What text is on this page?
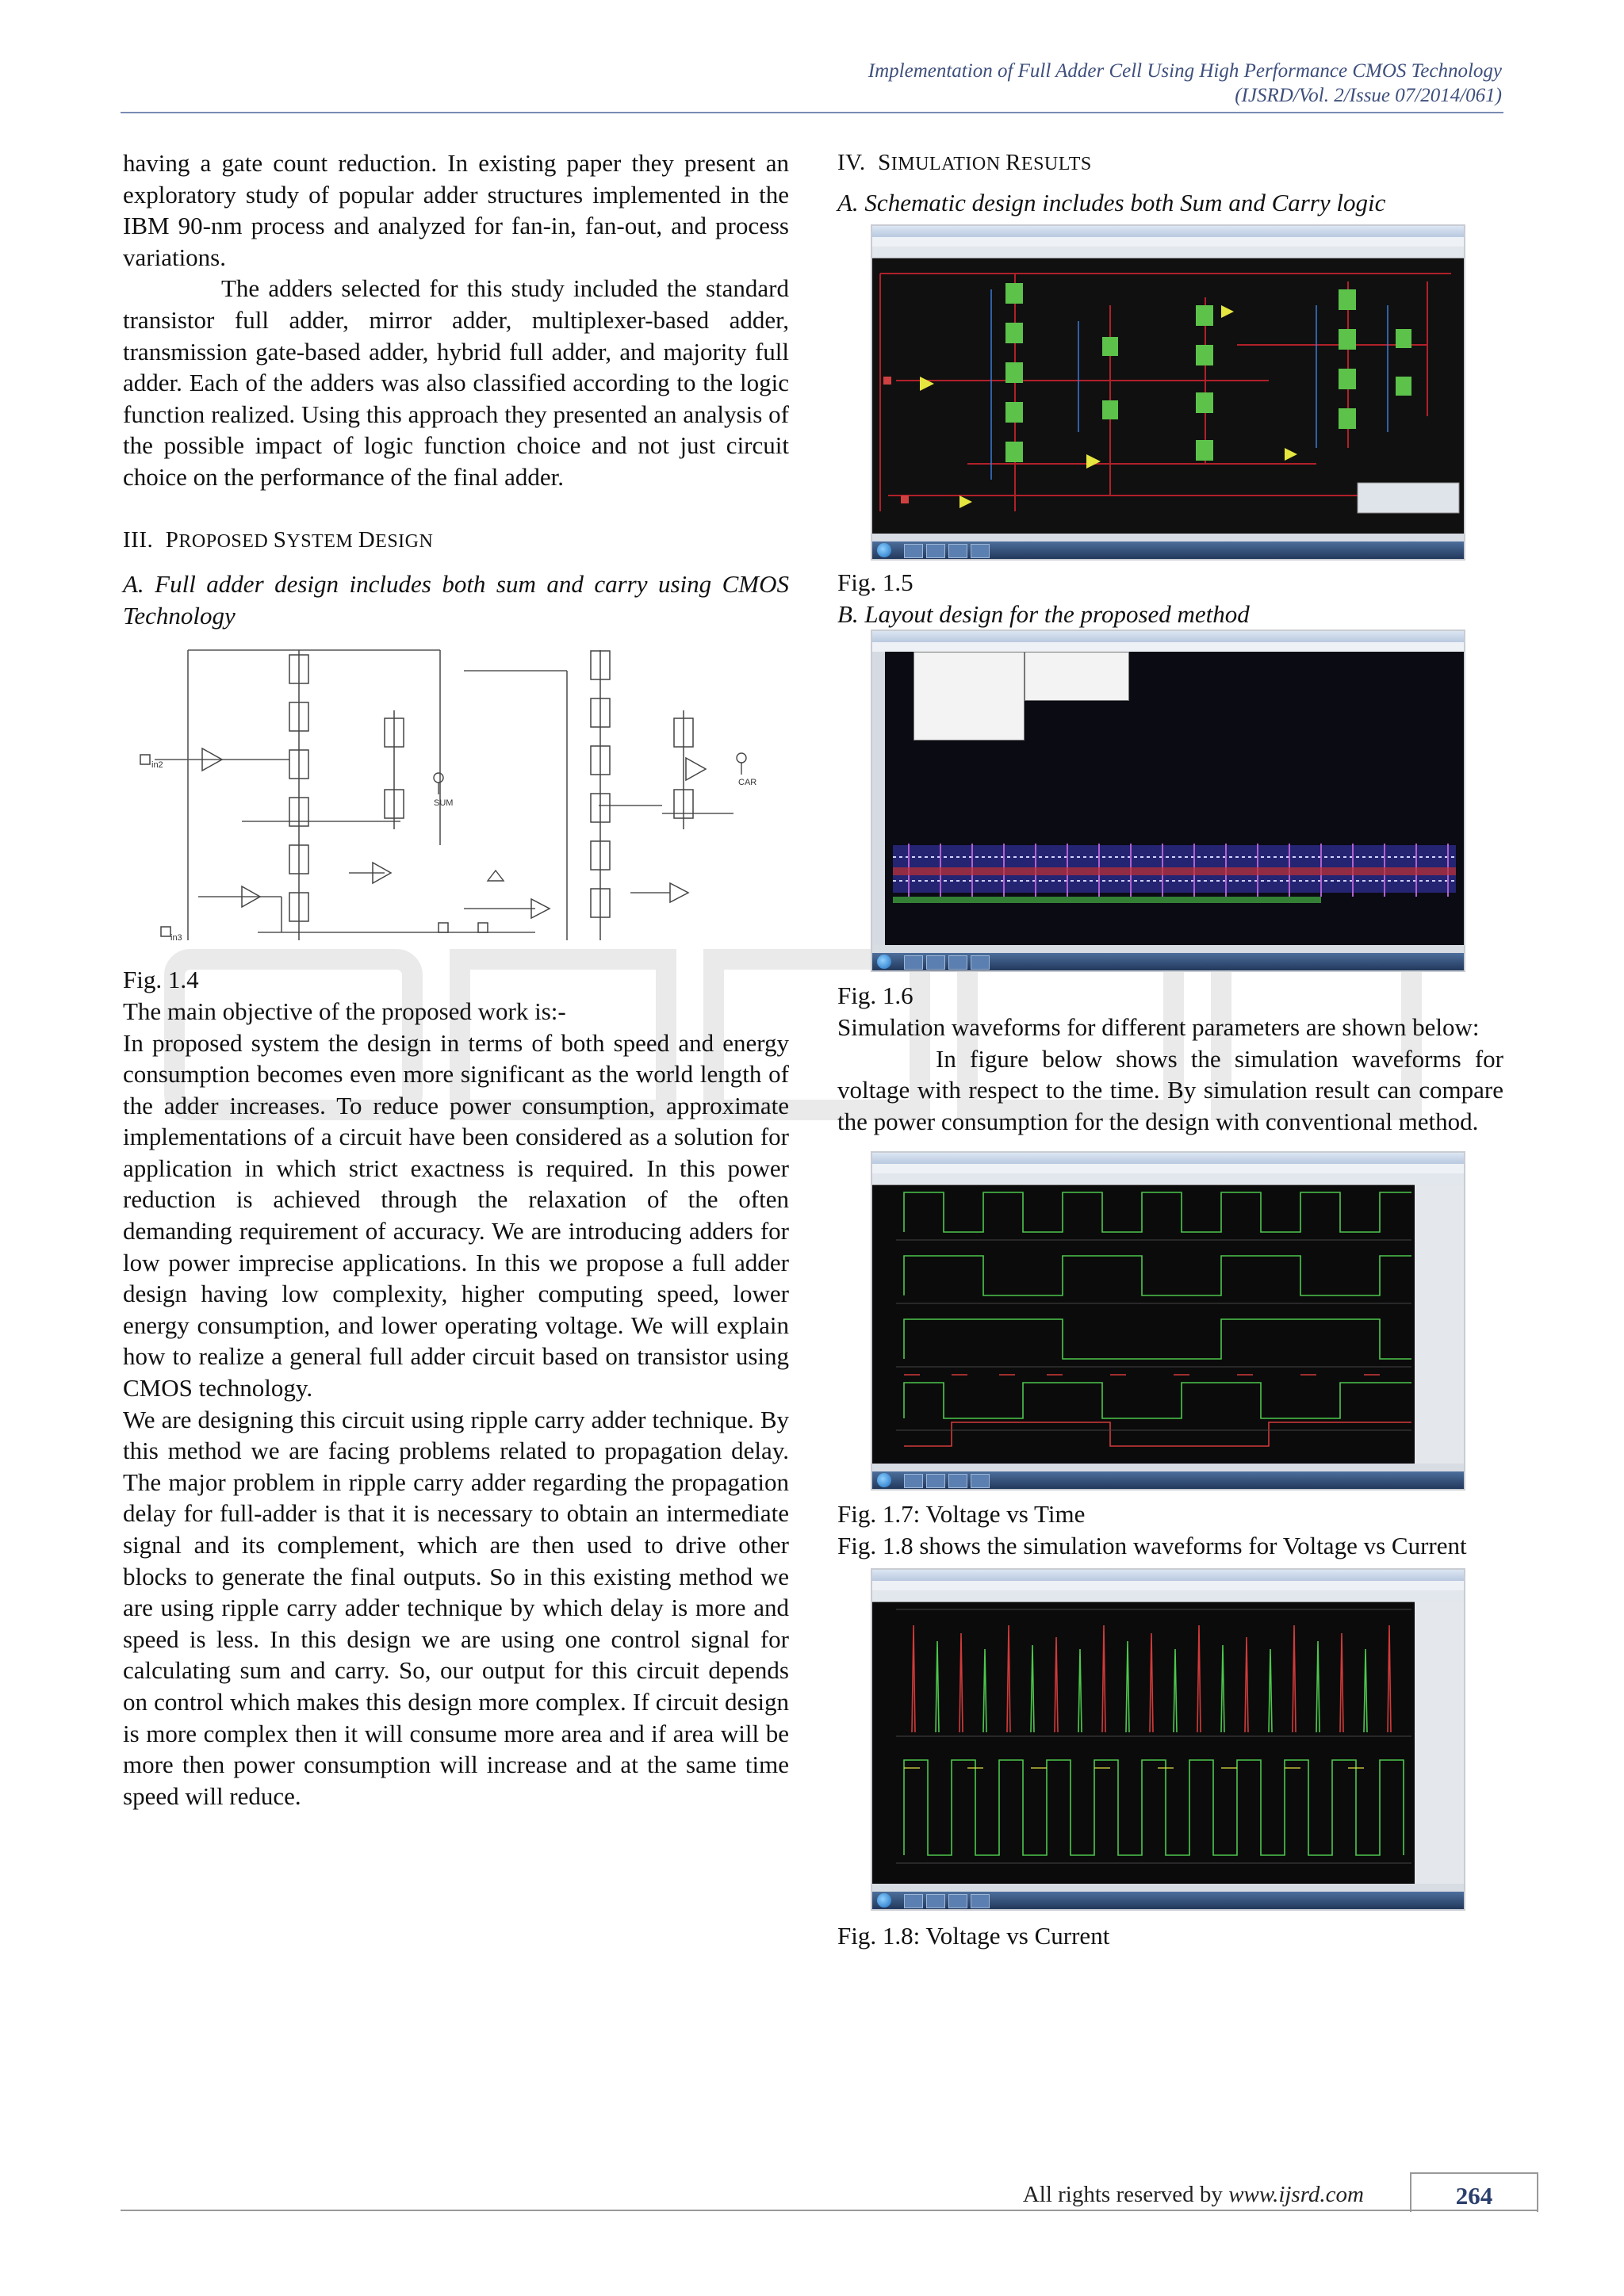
Implementation of Full Adder Cell Using High Performance CMOS Technology
(IJSRD/Vol. 2/Issue 07/2014/061)

having a gate count reduction. In existing paper they present an exploratory study of popular adder structures implemented in the IBM 90-nm process and analyzed for fan-in, fan-out, and process variations.

The adders selected for this study included the standard transistor full adder, mirror adder, multiplexer-based adder, transmission gate-based adder, hybrid full adder, and majority full adder. Each of the adders was also classified according to the logic function realized. Using this approach they presented an analysis of the possible impact of logic function choice and not just circuit choice on the performance of the final adder.

III. PROPOSED SYSTEM DESIGN

A. Full adder design includes both sum and carry using CMOS Technology

in2
in3
SUM
CAR

Fig. 1.4

The main objective of the proposed work is:-

In proposed system the design in terms of both speed and energy consumption becomes even more significant as the world length of the adder increases. To reduce power consumption, approximate implementations of a circuit have been considered as a solution for application in which strict exactness is required. In this power reduction is achieved through the relaxation of the often demanding requirement of accuracy. We are introducing adders for low power imprecise applications. In this we propose a full adder design having low complexity, higher computing speed, lower energy consumption, and lower operating voltage. We will explain how to realize a general full adder circuit based on transistor using CMOS technology.

We are designing this circuit using ripple carry adder technique. By this method we are facing problems related to propagation delay. The major problem in ripple carry adder regarding the propagation delay for full-adder is that it is necessary to obtain an intermediate signal and its complement, which are then used to drive other blocks to generate the final outputs. So in this existing method we are using ripple carry adder technique by which delay is more and speed is less. In this design we are using one control signal for calculating sum and carry. So, our output for this circuit depends on control which makes this design more complex. If circuit design is more complex then it will consume more area and if area will be more then power consumption will increase and at the same time speed will reduce.

IV. SIMULATION RESULTS

A. Schematic design includes both Sum and Carry logic

Fig. 1.5

B. Layout design for the proposed method

Fig. 1.6

Simulation waveforms for different parameters are shown below:

In figure below shows the simulation waveforms for voltage with respect to the time. By simulation result can compare the power consumption for the design with conventional method.

Fig. 1.7: Voltage vs Time

Fig. 1.8 shows the simulation waveforms for Voltage vs Current

Fig. 1.8: Voltage vs Current

All rights reserved by www.ijsrd.com	264
